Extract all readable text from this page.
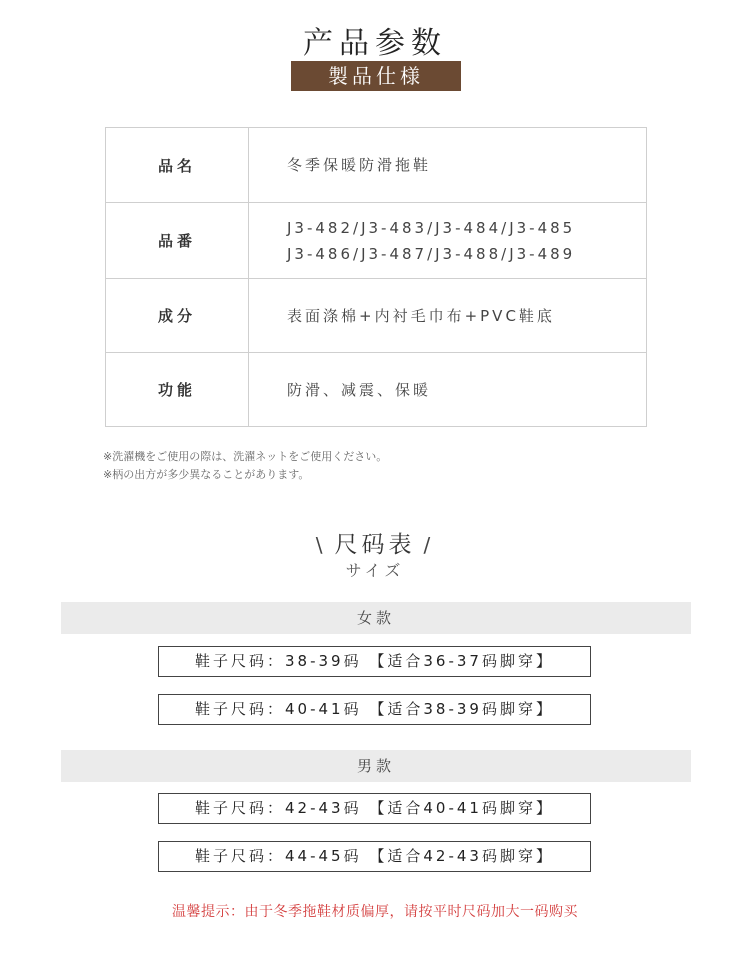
产品参数
製品仕様
品名	冬季保暖防滑拖鞋

品番	J3-482/J3-483/J3-484/J3-485
J3-486/J3-487/J3-488/J3-489

成分	表面涤棉+内衬毛巾布+PVC鞋底

功能	防滑、减震、保暖
※洗濯機をご使用の際は、洗濯ネットをご使用ください。
※柄の出方が多少異なることがあります。
\ 尺码表 /
サイズ
女款
鞋子尺码：38-39码 【适合36-37码脚穿】
鞋子尺码：40-41码 【适合38-39码脚穿】
男款
鞋子尺码：42-43码 【适合40-41码脚穿】
鞋子尺码：44-45码 【适合42-43码脚穿】
温馨提示：由于冬季拖鞋材质偏厚，请按平时尺码加大一码购买
